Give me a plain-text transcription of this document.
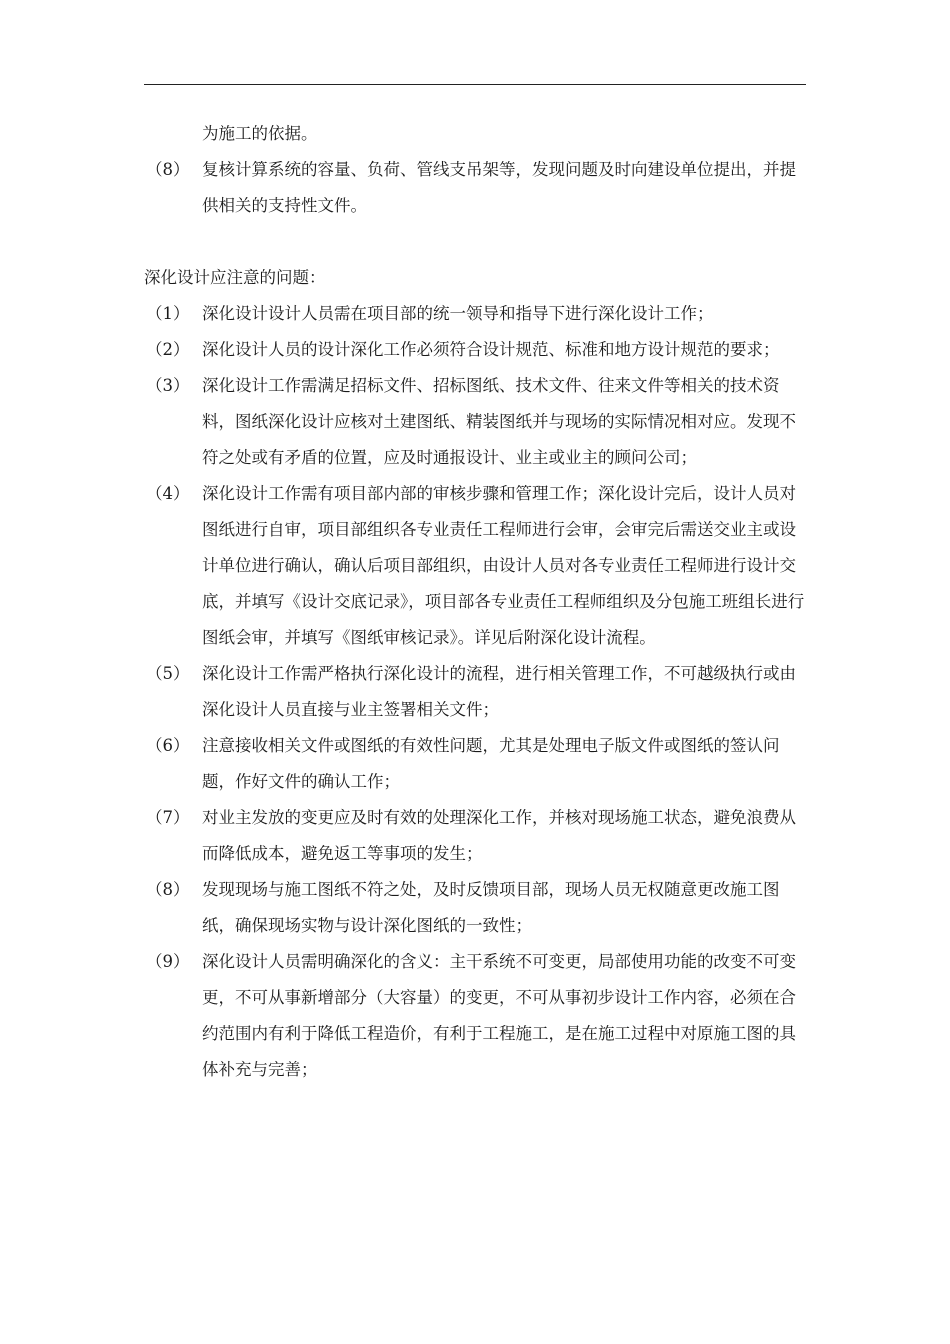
为施工的依据。
（8） 复核计算系统的容量、负荷、管线支吊架等，发现问题及时向建设单位提出，并提供相关的支持性文件。
深化设计应注意的问题：
（1） 深化设计设计人员需在项目部的统一领导和指导下进行深化设计工作；
（2） 深化设计人员的设计深化工作必须符合设计规范、标准和地方设计规范的要求；
（3） 深化设计工作需满足招标文件、招标图纸、技术文件、往来文件等相关的技术资料，图纸深化设计应核对土建图纸、精装图纸并与现场的实际情况相对应。发现不符之处或有矛盾的位置，应及时通报设计、业主或业主的顾问公司；
（4） 深化设计工作需有项目部内部的审核步骤和管理工作；深化设计完后，设计人员对图纸进行自审，项目部组织各专业责任工程师进行会审，会审完后需送交业主或设计单位进行确认，确认后项目部组织，由设计人员对各专业责任工程师进行设计交底，并填写《设计交底记录》，项目部各专业责任工程师组织及分包施工班组长进行图纸会审，并填写《图纸审核记录》。详见后附深化设计流程。
（5） 深化设计工作需严格执行深化设计的流程，进行相关管理工作，不可越级执行或由深化设计人员直接与业主签署相关文件；
（6） 注意接收相关文件或图纸的有效性问题，尤其是处理电子版文件或图纸的签认问题，作好文件的确认工作；
（7） 对业主发放的变更应及时有效的处理深化工作，并核对现场施工状态，避免浪费从而降低成本，避免返工等事项的发生；
（8） 发现现场与施工图纸不符之处，及时反馈项目部，现场人员无权随意更改施工图纸，确保现场实物与设计深化图纸的一致性；
（9） 深化设计人员需明确深化的含义：主干系统不可变更，局部使用功能的改变不可变更，不可从事新增部分（大容量）的变更，不可从事初步设计工作内容，必须在合约范围内有利于降低工程造价，有利于工程施工，是在施工过程中对原施工图的具体补充与完善；
